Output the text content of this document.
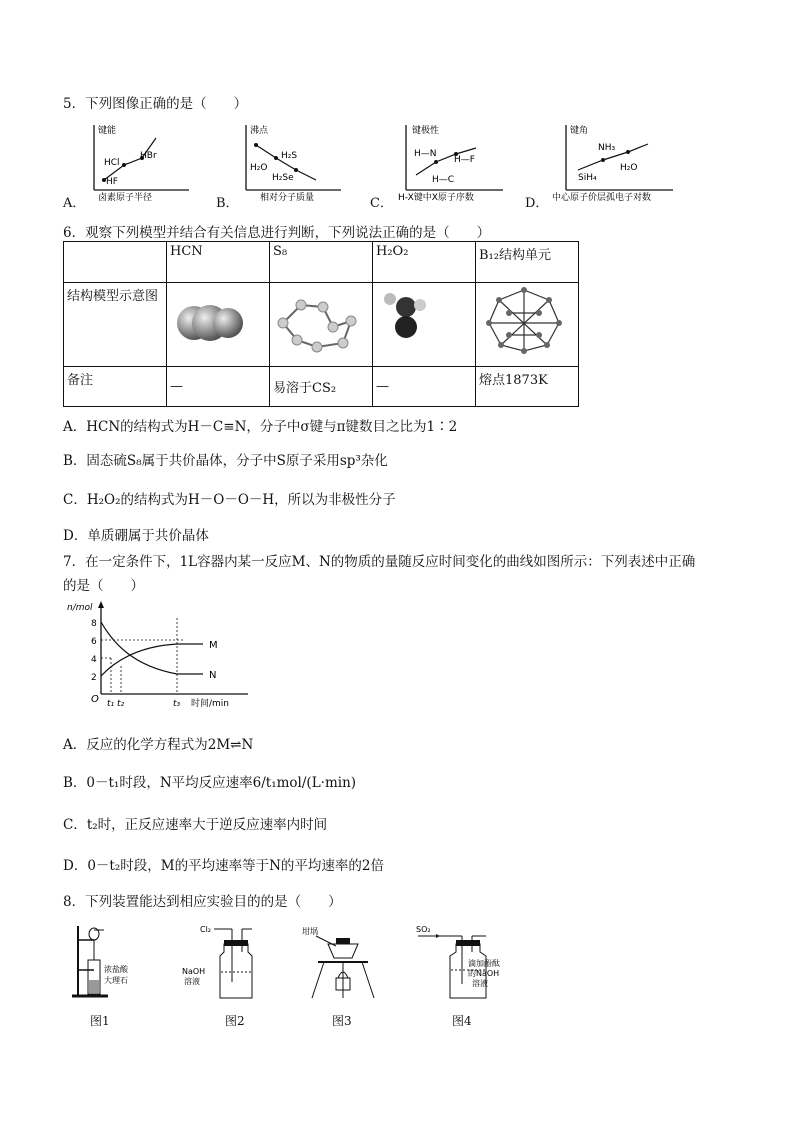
5．下列图像正确的是（　　）
A．
键能
HBr
HCl
HF
卤素原子半径	B．
沸点
H₂S
H₂O
H₂Se
相对分子质量	C．
键极性
H—N
H—F
H—C
H-X键中X原子序数	D．
键角
NH₃
H₂O
SiH₄
中心原子价层孤电子对数
6．观察下列模型并结合有关信息进行判断，下列说法正确的是（　　）
	HCN	S₈	H₂O₂	B₁₂结构单元
结构模型示意图				
备注	—	易溶于CS₂	—	熔点1873K
A．HCN的结构式为H－C≡N，分子中σ键与π键数目之比为1∶2
B．固态硫S₈属于共价晶体，分子中S原子采用sp³杂化
C．H₂O₂的结构式为H－O－O－H，所以为非极性分子
D．单质硼属于共价晶体
7．在一定条件下，1L容器内某一反应M、N的物质的量随反应时间变化的曲线如图所示：下列表述中正确
的是（　　）
n/mol
8
6
4
2
O
M
N
t₁ t₂	t₃ 时间/min
A．反应的化学方程式为2M⇌N
B．0－t₁时段，N平均反应速率6/t₁mol/(L·min)
C．t₂时，正反应速率大于逆反应速率内时间
D．0－t₂时段，M的平均速率等于N的平均速率的2倍
8．下列装置能达到相应实验目的的是（　　）
浓盐酸
大理石
图1
Cl₂
NaOH
溶液
图2
坩埚
图3
SO₂
滴加酚酞
的NaOH
溶液
图4
